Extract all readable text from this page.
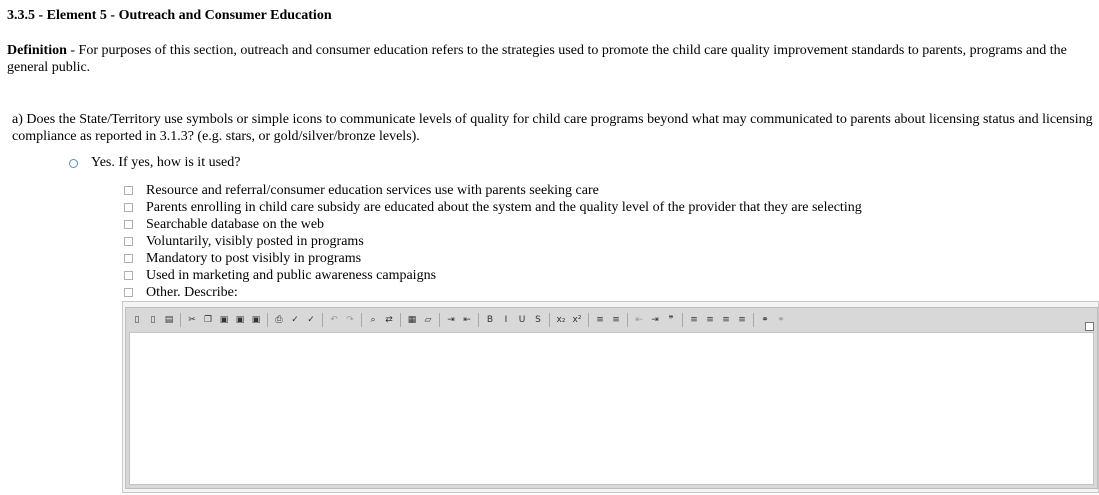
3.3.5 - Element 5 - Outreach and Consumer Education
Definition - For purposes of this section, outreach and consumer education refers to the strategies used to promote the child care quality improvement standards to parents, programs and the general public.
a) Does the State/Territory use symbols or simple icons to communicate levels of quality for child care programs beyond what may communicated to parents about licensing status and licensing compliance as reported in 3.1.3? (e.g. stars, or gold/silver/bronze levels).
Yes. If yes, how is it used?
Resource and referral/consumer education services use with parents seeking care
Parents enrolling in child care subsidy are educated about the system and the quality level of the provider that they are selecting
Searchable database on the web
Voluntarily, visibly posted in programs
Mandatory to post visibly in programs
Used in marketing and public awareness campaigns
Other. Describe:
▯	▯	▤	✂ ❐ ▣ ▣ ▣	⎙ ✓ ✓	↶ ↷	⌕	⇄	▦ ▱	⇥ ⇤	B	I	U	S	x₂ x²	≡ ≡	⇤ ⇥	❞	≡ ≡ ≡ ≡	⚭ ⚭
